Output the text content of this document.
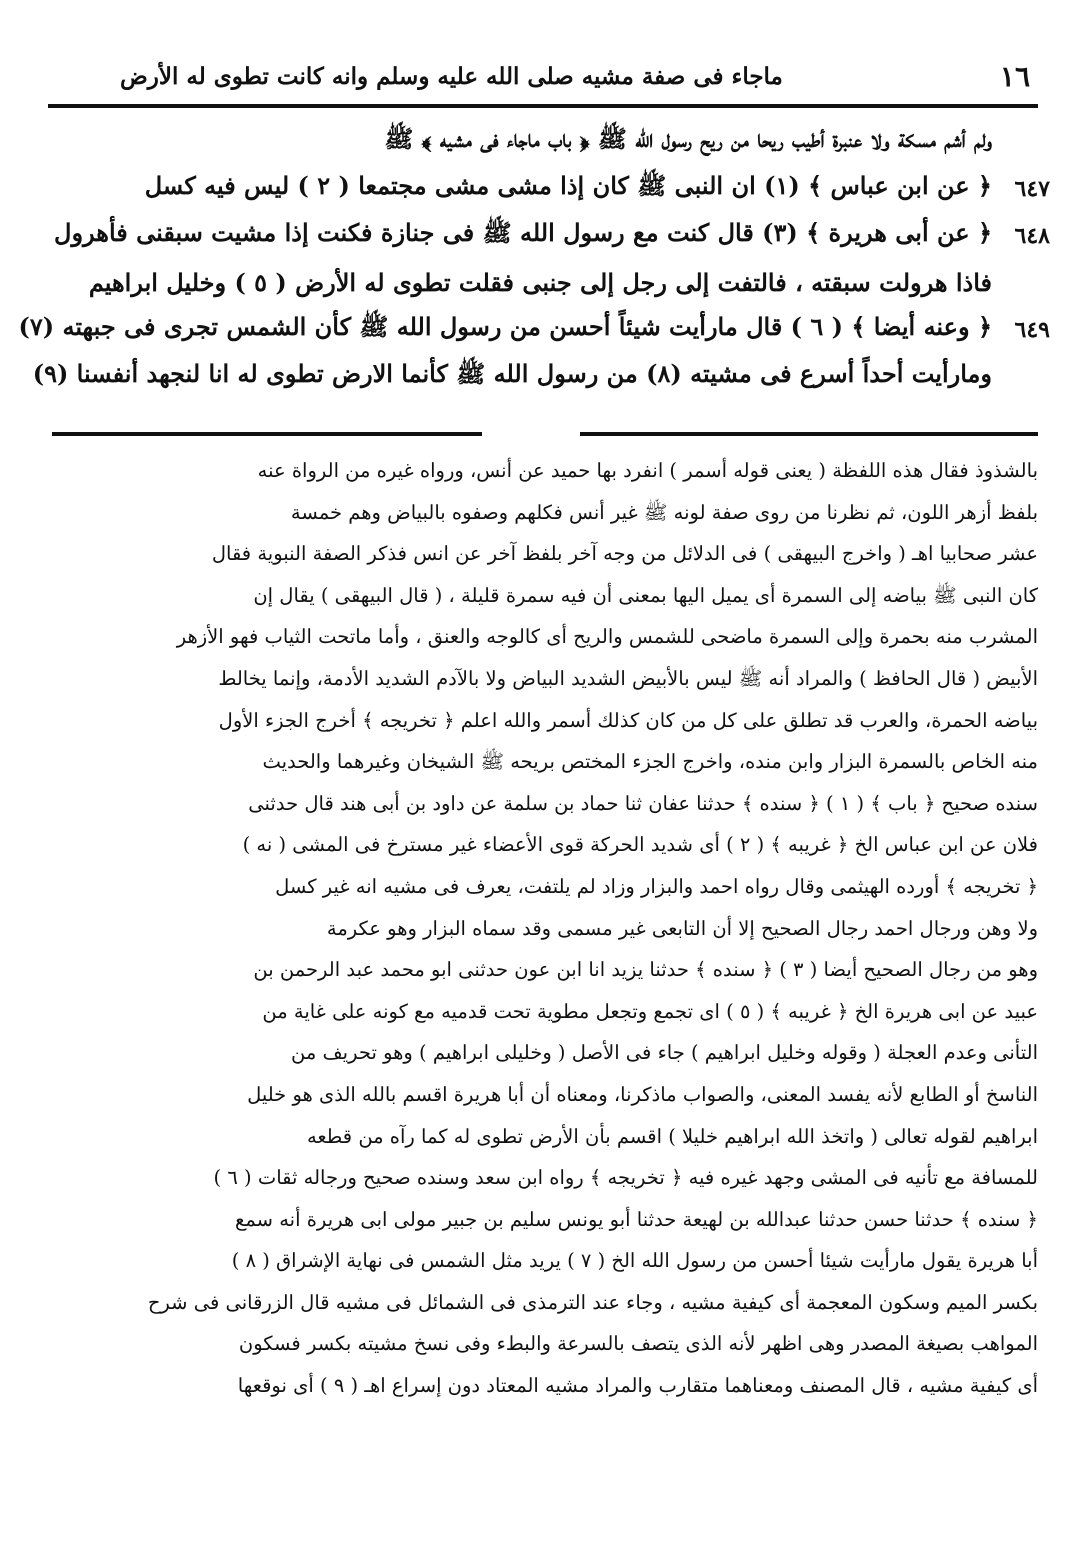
١٦
ماجاء فى صفة مشيه صلى الله عليه وسلم وانه كانت تطوى له الأرض
ولم أشم مسكة ولا عنبرة أطيب ريحا من ريح رسول الله ﷺ ﴿ باب ماجاء فى مشيه ﴾ ﷺ
٦٤٧
﴿ عن ابن عباس ﴾ (١) ان النبى ﷺ كان إذا مشى مشى مجتمعا ( ٢ ) ليس فيه كسل
٦٤٨
﴿ عن أبى هريرة ﴾ (٣) قال كنت مع رسول الله ﷺ فى جنازة فكنت إذا مشيت سبقنى فأهرول
فاذا هرولت سبقته ، فالتفت إلى رجل إلى جنبى فقلت تطوى له الأرض ( ٥ ) وخليل ابراهيم
٦٤٩
﴿ وعنه أيضا ﴾ ( ٦ ) قال مارأيت شيئاً أحسن من رسول الله ﷺ كأن الشمس تجرى فى جبهته (٧)
ومارأيت أحداً أسرع فى مشيته (٨) من رسول الله ﷺ كأنما الارض تطوى له انا لنجهد أنفسنا (٩)
بالشذوذ فقال هذه اللفظة ( يعنى قوله أسمر ) انفرد بها حميد عن أنس، ورواه غيره من الرواة عنه
بلفظ أزهر اللون، ثم نظرنا من روى صفة لونه ﷺ غير أنس فكلهم وصفوه بالبياض وهم خمسة
عشر صحابيا اهـ ( واخرج البيهقى ) فى الدلائل من وجه آخر بلفظ آخر عن انس فذكر الصفة النبوية فقال
كان النبى ﷺ بياضه إلى السمرة أى يميل اليها بمعنى أن فيه سمرة قليلة ، ( قال البيهقى ) يقال إن
المشرب منه بحمرة وإلى السمرة ماضحى للشمس والريح أى كالوجه والعنق ، وأما ماتحت الثياب فهو الأزهر
الأبيض ( قال الحافظ ) والمراد أنه ﷺ ليس بالأبيض الشديد البياض ولا بالآدم الشديد الأدمة، وإنما يخالط
بياضه الحمرة، والعرب قد تطلق على كل من كان كذلك أسمر والله اعلم ﴿ تخريجه ﴾ أخرج الجزء الأول
منه الخاص بالسمرة البزار وابن منده، واخرج الجزء المختص بريحه ﷺ الشيخان وغيرهما والحديث
سنده صحيح ﴿ باب ﴾ ( ١ ) ﴿ سنده ﴾ حدثنا عفان ثنا حماد بن سلمة عن داود بن أبى هند قال حدثنى
فلان عن ابن عباس الخ ﴿ غريبه ﴾ ( ٢ ) أى شديد الحركة قوى الأعضاء غير مسترخ فى المشى ( نه )
﴿ تخريجه ﴾ أورده الهيثمى وقال رواه احمد والبزار وزاد لم يلتفت، يعرف فى مشيه انه غير كسل
ولا وهن ورجال احمد رجال الصحيح إلا أن التابعى غير مسمى وقد سماه البزار وهو عكرمة
وهو من رجال الصحيح أيضا ( ٣ ) ﴿ سنده ﴾ حدثنا يزيد انا ابن عون حدثنى ابو محمد عبد الرحمن بن
عبيد عن ابى هريرة الخ ﴿ غريبه ﴾ ( ٥ ) اى تجمع وتجعل مطوية تحت قدميه مع كونه على غاية من
التأنى وعدم العجلة ( وقوله وخليل ابراهيم ) جاء فى الأصل ( وخليلى ابراهيم ) وهو تحريف من
الناسخ أو الطابع لأنه يفسد المعنى، والصواب ماذكرنا، ومعناه أن أبا هريرة اقسم بالله الذى هو خليل
ابراهيم لقوله تعالى ( واتخذ الله ابراهيم خليلا ) اقسم بأن الأرض تطوى له كما رآه من قطعه
للمسافة مع تأنيه فى المشى وجهد غيره فيه ﴿ تخريجه ﴾ رواه ابن سعد وسنده صحيح ورجاله ثقات ( ٦ )
﴿ سنده ﴾ حدثنا حسن حدثنا عبدالله بن لهيعة حدثنا أبو يونس سليم بن جبير مولى ابى هريرة أنه سمع
أبا هريرة يقول مارأيت شيئا أحسن من رسول الله الخ ( ٧ ) يريد مثل الشمس فى نهاية الإشراق ( ٨ )
بكسر الميم وسكون المعجمة أى كيفية مشيه ، وجاء عند الترمذى فى الشمائل فى مشيه قال الزرقانى فى شرح
المواهب بصيغة المصدر وهى اظهر لأنه الذى يتصف بالسرعة والبطء وفى نسخ مشيته بكسر فسكون
أى كيفية مشيه ، قال المصنف ومعناهما متقارب والمراد مشيه المعتاد دون إسراع اهـ ( ٩ ) أى نوقعها
